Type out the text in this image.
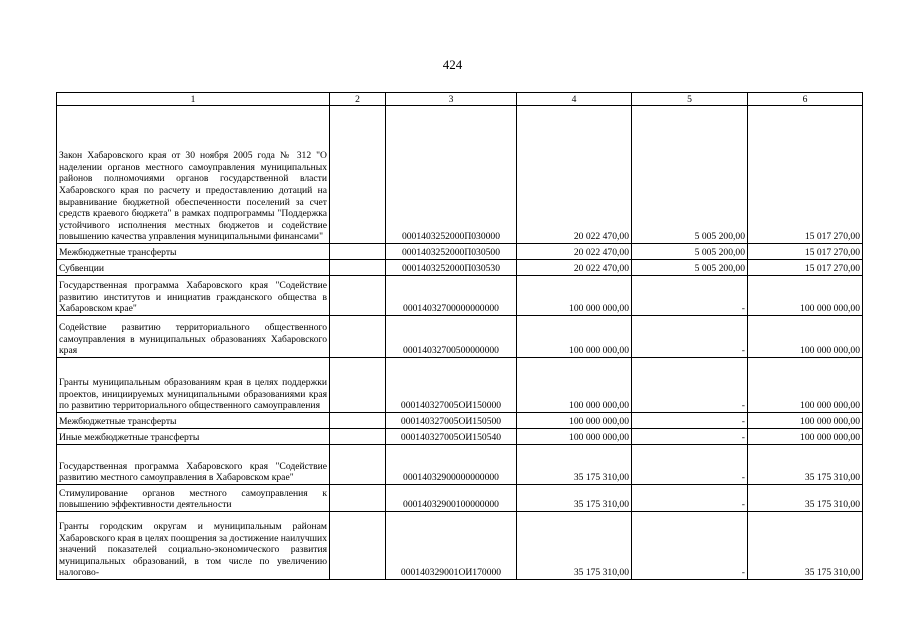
424
1	2	3	4	5	6
Закон Хабаровского края от 30 ноября 2005 года № 312 "О наделении органов местного самоуправления муниципальных районов полномочиями органов государственной власти Хабаровского края по расчету и предоставлению дотаций на выравнивание бюджетной обеспеченности поселений за счет средств краевого бюджета" в рамках подпрограммы "Поддержка устойчивого исполнения местных бюджетов и содействие повышению качества управления муниципальными финансами"		0001403252000П030000	20 022 470,00	5 005 200,00	15 017 270,00
Межбюджетные трансферты		0001403252000П030500	20 022 470,00	5 005 200,00	15 017 270,00
Субвенции		0001403252000П030530	20 022 470,00	5 005 200,00	15 017 270,00
Государственная программа Хабаровского края "Содействие развитию институтов и инициатив гражданского общества в Хабаровском крае"		00014032700000000000	100 000 000,00	-	100 000 000,00
Содействие развитию территориального общественного самоуправления в муниципальных образованиях Хабаровского края		00014032700500000000	100 000 000,00	-	100 000 000,00
Гранты муниципальным образованиям края в целях поддержки проектов, инициируемых муниципальными образованиями края по развитию территориального общественного самоуправления		000140327005ОИ150000	100 000 000,00	-	100 000 000,00
Межбюджетные трансферты		000140327005ОИ150500	100 000 000,00	-	100 000 000,00
Иные межбюджетные трансферты		000140327005ОИ150540	100 000 000,00	-	100 000 000,00
Государственная программа Хабаровского края "Содействие развитию местного самоуправления в Хабаровском крае"		00014032900000000000	35 175 310,00	-	35 175 310,00
Стимулирование органов местного самоуправления к повышению эффективности деятельности		00014032900100000000	35 175 310,00	-	35 175 310,00
Гранты городским округам и муниципальным районам Хабаровского края в целях поощрения за достижение наилучших значений показателей социально-экономического развития муниципальных образований, в том числе по увеличению налогово-		000140329001ОИ170000	35 175 310,00	-	35 175 310,00
